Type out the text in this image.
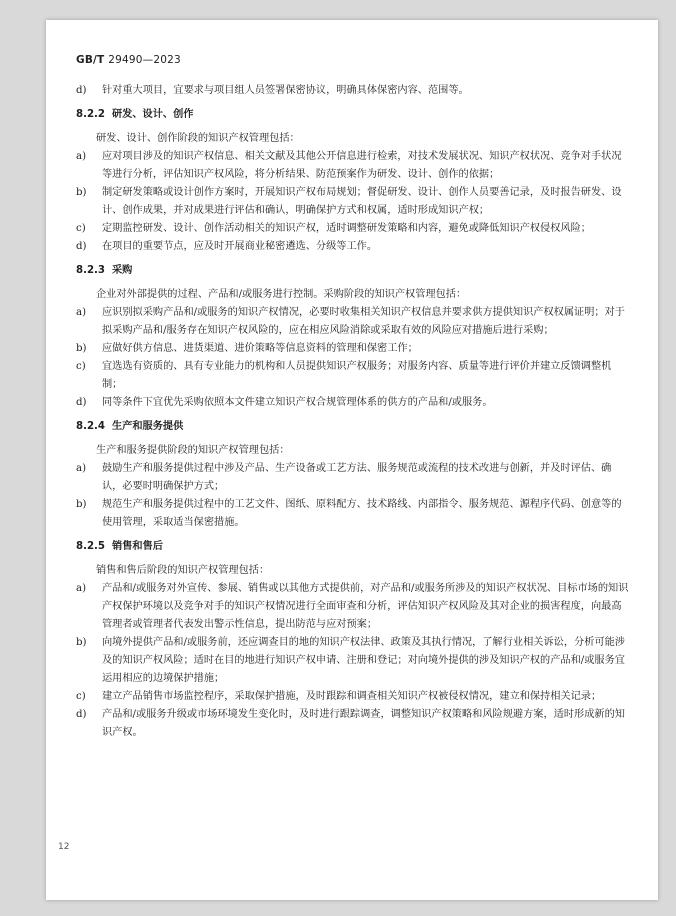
GB/T 29490—2023
d)	针对重大项目，宜要求与项目组人员签署保密协议，明确具体保密内容、范围等。
8.2.2 研发、设计、创作
研发、设计、创作阶段的知识产权管理包括：
a)	应对项目涉及的知识产权信息、相关文献及其他公开信息进行检索，对技术发展状况、知识产权状况、竞争对手状况等进行分析，评估知识产权风险，将分析结果、防范预案作为研发、设计、创作的依据；
b)	制定研发策略或设计创作方案时，开展知识产权布局规划；督促研发、设计、创作人员要善记录，及时报告研发、设计、创作成果，并对成果进行评估和确认，明确保护方式和权属，适时形成知识产权；
c)	定期监控研发、设计、创作活动相关的知识产权，适时调整研发策略和内容，避免或降低知识产权侵权风险；
d)	在项目的重要节点，应及时开展商业秘密遴选、分级等工作。
8.2.3 采购
企业对外部提供的过程、产品和/或服务进行控制。采购阶段的知识产权管理包括：
a)	应识别拟采购产品和/或服务的知识产权情况，必要时收集相关知识产权信息并要求供方提供知识产权权属证明；对于拟采购产品和/服务存在知识产权风险的，应在相应风险消除或采取有效的风险应对措施后进行采购；
b)	应做好供方信息、进货渠道、进价策略等信息资料的管理和保密工作；
c)	宜选选有资质的、具有专业能力的机构和人员提供知识产权服务；对服务内容、质量等进行评价并建立反馈调整机制；
d)	同等条件下宜优先采购依照本文件建立知识产权合规管理体系的供方的产品和/或服务。
8.2.4 生产和服务提供
生产和服务提供阶段的知识产权管理包括：
a)	鼓励生产和服务提供过程中涉及产品、生产设备或工艺方法、服务规范或流程的技术改进与创新，并及时评估、确认，必要时明确保护方式；
b)	规范生产和服务提供过程中的工艺文件、图纸、原料配方、技术路线、内部指令、服务规范、源程序代码、创意等的使用管理，采取适当保密措施。
8.2.5 销售和售后
销售和售后阶段的知识产权管理包括：
a)	产品和/或服务对外宣传、参展、销售或以其他方式提供前，对产品和/或服务所涉及的知识产权状况、目标市场的知识产权保护环境以及竞争对手的知识产权情况进行全面审查和分析，评估知识产权风险及其对企业的损害程度，向最高管理者或管理者代表发出警示性信息，提出防范与应对预案；
b)	向境外提供产品和/或服务前，还应调查目的地的知识产权法律、政策及其执行情况，了解行业相关诉讼，分析可能涉及的知识产权风险；适时在目的地进行知识产权申请、注册和登记；对向境外提供的涉及知识产权的产品和/或服务宜运用相应的边境保护措施；
c)	建立产品销售市场监控程序，采取保护措施，及时跟踪和调查相关知识产权被侵权情况，建立和保持相关记录；
d)	产品和/或服务升级或市场环境发生变化时，及时进行跟踪调查，调整知识产权策略和风险规避方案，适时形成新的知识产权。
12
